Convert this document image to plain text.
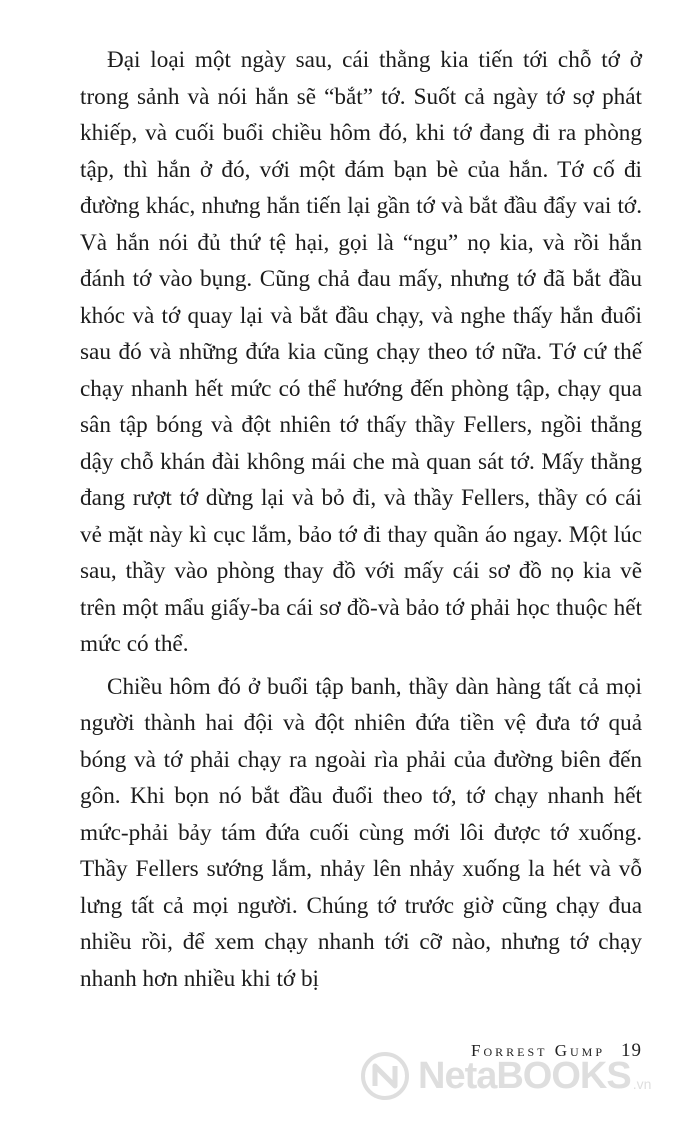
Đại loại một ngày sau, cái thằng kia tiến tới chỗ tớ ở trong sảnh và nói hắn sẽ “bắt” tớ. Suốt cả ngày tớ sợ phát khiếp, và cuối buổi chiều hôm đó, khi tớ đang đi ra phòng tập, thì hắn ở đó, với một đám bạn bè của hắn. Tớ cố đi đường khác, nhưng hắn tiến lại gần tớ và bắt đầu đẩy vai tớ. Và hắn nói đủ thứ tệ hại, gọi là “ngu” nọ kia, và rồi hắn đánh tớ vào bụng. Cũng chả đau mấy, nhưng tớ đã bắt đầu khóc và tớ quay lại và bắt đầu chạy, và nghe thấy hắn đuổi sau đó và những đứa kia cũng chạy theo tớ nữa. Tớ cứ thế chạy nhanh hết mức có thể hướng đến phòng tập, chạy qua sân tập bóng và đột nhiên tớ thấy thầy Fellers, ngồi thẳng dậy chỗ khán đài không mái che mà quan sát tớ. Mấy thằng đang rượt tớ dừng lại và bỏ đi, và thầy Fellers, thầy có cái vẻ mặt này kì cục lắm, bảo tớ đi thay quần áo ngay. Một lúc sau, thầy vào phòng thay đồ với mấy cái sơ đồ nọ kia vẽ trên một mẩu giấy-ba cái sơ đồ-và bảo tớ phải học thuộc hết mức có thể.

Chiều hôm đó ở buổi tập banh, thầy dàn hàng tất cả mọi người thành hai đội và đột nhiên đứa tiền vệ đưa tớ quả bóng và tớ phải chạy ra ngoài rìa phải của đường biên đến gôn. Khi bọn nó bắt đầu đuổi theo tớ, tớ chạy nhanh hết mức-phải bảy tám đứa cuối cùng mới lôi được tớ xuống. Thầy Fellers sướng lắm, nhảy lên nhảy xuống la hét và vỗ lưng tất cả mọi người. Chúng tớ trước giờ cũng chạy đua nhiều rồi, để xem chạy nhanh tới cỡ nào, nhưng tớ chạy nhanh hơn nhiều khi tớ bị

Forrest Gump 19
NetaBOOKS .vn
